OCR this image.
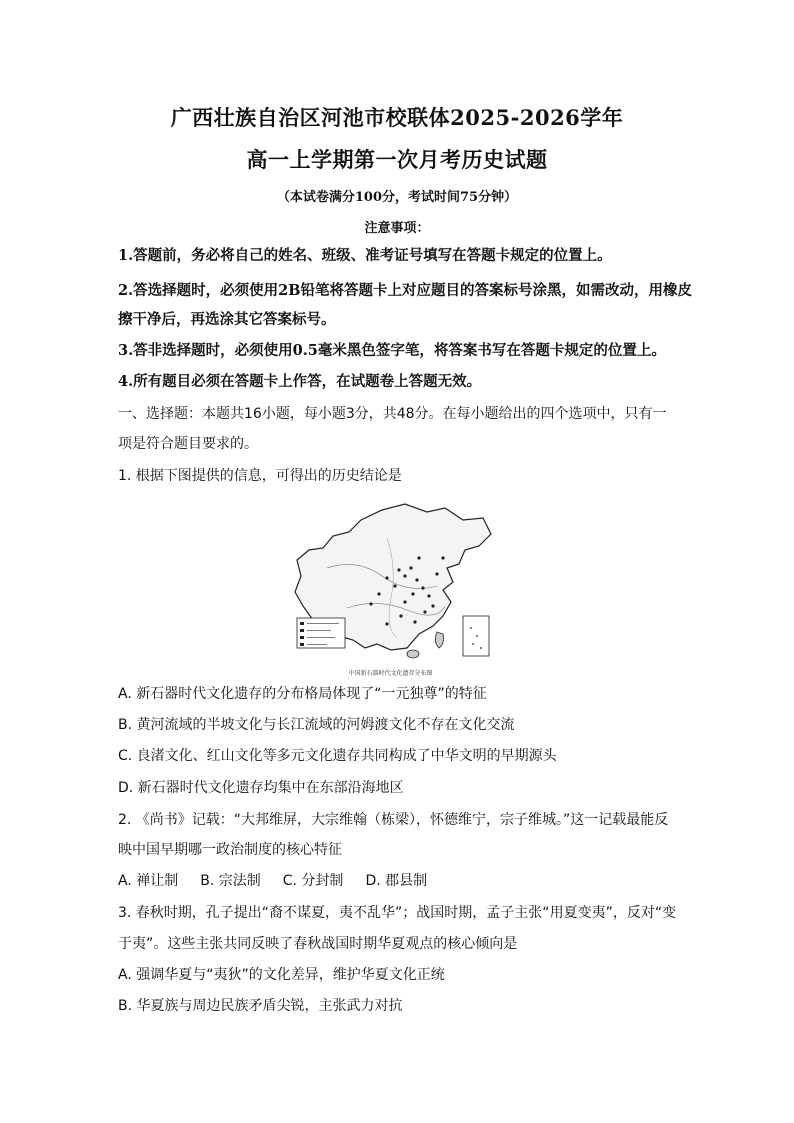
广西壮族自治区河池市校联体2025-2026学年
高一上学期第一次月考历史试题
（本试卷满分100分，考试时间75分钟）
注意事项：
1.答题前，务必将自己的姓名、班级、准考证号填写在答题卡规定的位置上。
2.答选择题时，必须使用2B铅笔将答题卡上对应题目的答案标号涂黑，如需改动，用橡皮
擦干净后，再选涂其它答案标号。
3.答非选择题时，必须使用0.5毫米黑色签字笔，将答案书写在答题卡规定的位置上。
4.所有题目必须在答题卡上作答，在试题卷上答题无效。
一、选择题：本题共16小题，每小题3分，共48分。在每小题给出的四个选项中，只有一
项是符合题目要求的。
1. 根据下图提供的信息，可得出的历史结论是
中国新石器时代文化遗存分布图
A. 新石器时代文化遗存的分布格局体现了“一元独尊”的特征
B. 黄河流域的半坡文化与长江流域的河姆渡文化不存在文化交流
C. 良渚文化、红山文化等多元文化遗存共同构成了中华文明的早期源头
D. 新石器时代文化遗存均集中在东部沿海地区
2. 《尚书》记载：“大邦维屏，大宗维翰（栋梁），怀德维宁，宗子维城。”这一记载最能反
映中国早期哪一政治制度的核心特征
A. 禅让制 B. 宗法制 C. 分封制 D. 郡县制
3. 春秋时期，孔子提出“裔不谋夏，夷不乱华”；战国时期，孟子主张“用夏变夷”，反对“变
于夷”。这些主张共同反映了春秋战国时期华夏观点的核心倾向是
A. 强调华夏与“夷狄”的文化差异，维护华夏文化正统
B. 华夏族与周边民族矛盾尖锐，主张武力对抗
